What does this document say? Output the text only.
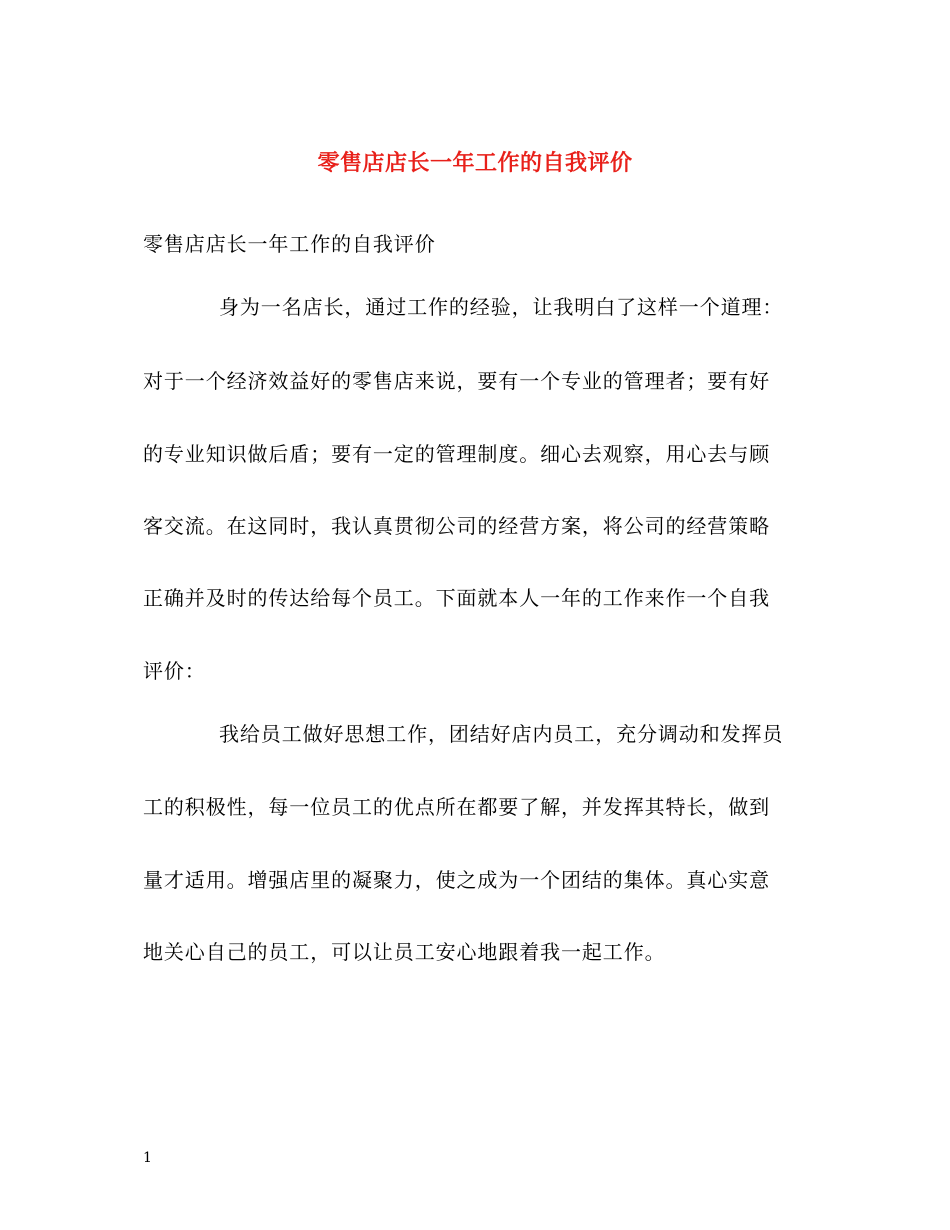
零售店店长一年工作的自我评价
零售店店长一年工作的自我评价
身为一名店长，通过工作的经验，让我明白了这样一个道理：
对于一个经济效益好的零售店来说，要有一个专业的管理者；要有好
的专业知识做后盾；要有一定的管理制度。细心去观察，用心去与顾
客交流。在这同时，我认真贯彻公司的经营方案，将公司的经营策略
正确并及时的传达给每个员工。下面就本人一年的工作来作一个自我
评价：
我给员工做好思想工作，团结好店内员工，充分调动和发挥员
工的积极性，每一位员工的优点所在都要了解，并发挥其特长，做到
量才适用。增强店里的凝聚力，使之成为一个团结的集体。真心实意
地关心自己的员工，可以让员工安心地跟着我一起工作。
1
